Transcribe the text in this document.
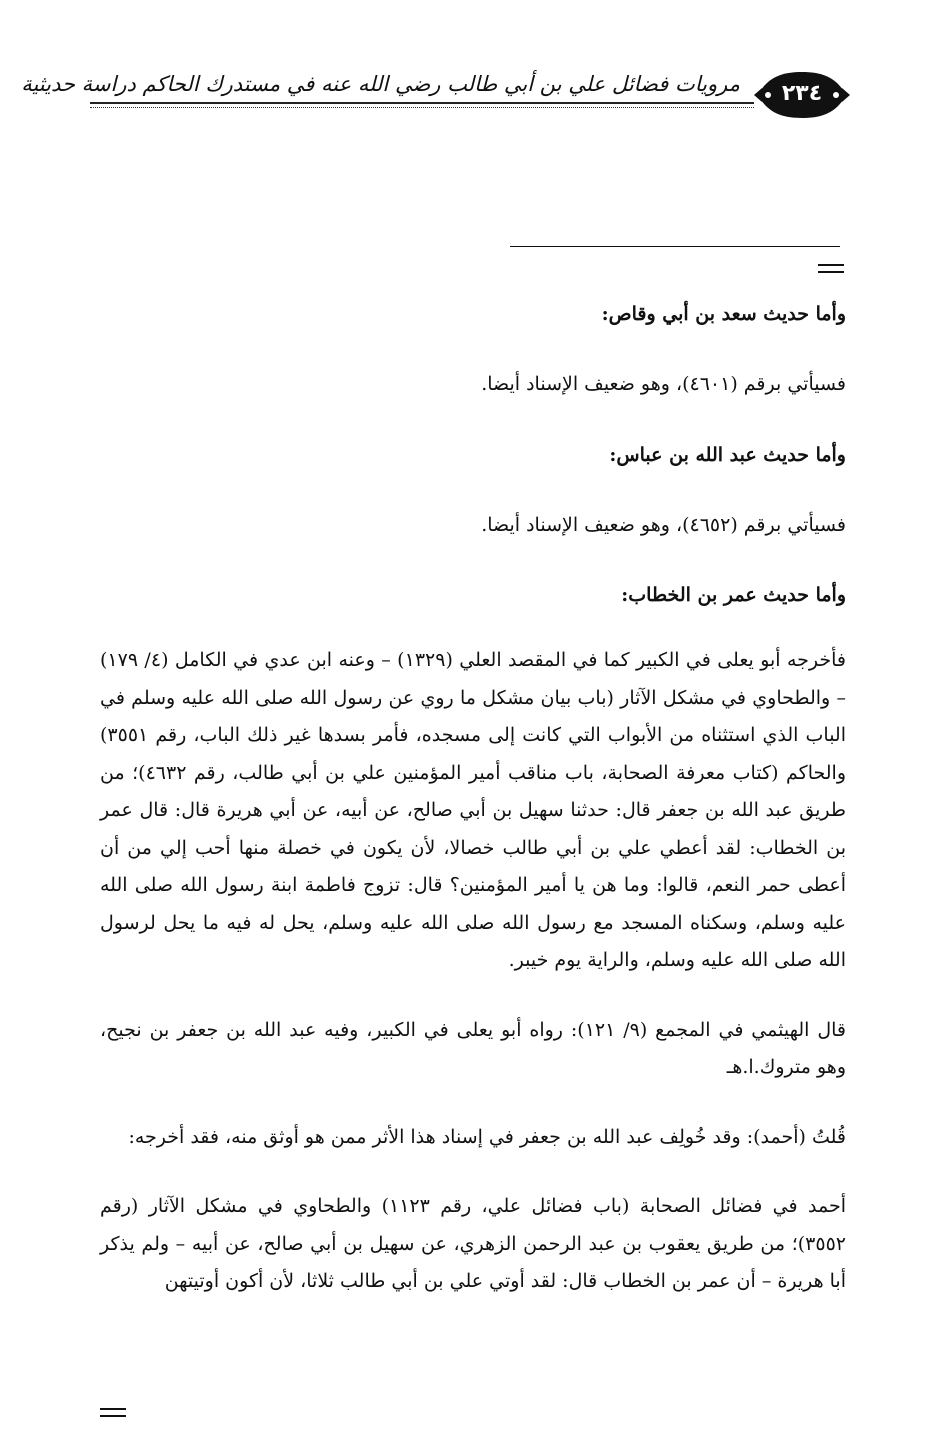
مرويات فضائل علي بن أبي طالب رضي الله عنه في مستدرك الحاكم دراسة حديثية	٢٣٤

وأما حديث سعد بن أبي وقاص:

فسيأتي برقم (٤٦٠١)، وهو ضعيف الإسناد أيضا.

وأما حديث عبد الله بن عباس:

فسيأتي برقم (٤٦٥٢)، وهو ضعيف الإسناد أيضا.

وأما حديث عمر بن الخطاب:

فأخرجه أبو يعلى في الكبير كما في المقصد العلي (١٣٢٩) – وعنه ابن عدي في الكامل (٤/ ١٧٩) – والطحاوي في مشكل الآثار (باب بيان مشكل ما روي عن رسول الله صلى الله عليه وسلم في الباب الذي استثناه من الأبواب التي كانت إلى مسجده، فأمر بسدها غير ذلك الباب، رقم ٣٥٥١) والحاكم (كتاب معرفة الصحابة، باب مناقب أمير المؤمنين علي بن أبي طالب، رقم ٤٦٣٢)؛ من طريق عبد الله بن جعفر قال: حدثنا سهيل بن أبي صالح، عن أبيه، عن أبي هريرة قال: قال عمر بن الخطاب: لقد أعطي علي بن أبي طالب خصالا، لأن يكون في خصلة منها أحب إلي من أن أعطى حمر النعم، قالوا: وما هن يا أمير المؤمنين؟ قال: تزوج فاطمة ابنة رسول الله صلى الله عليه وسلم، وسكناه المسجد مع رسول الله صلى الله عليه وسلم، يحل له فيه ما يحل لرسول الله صلى الله عليه وسلم، والراية يوم خيبر.

قال الهيثمي في المجمع (٩/ ١٢١): رواه أبو يعلى في الكبير، وفيه عبد الله بن جعفر بن نجيح، وهو متروك.ا.هـ

قُلتُ (أحمد): وقد خُولِف عبد الله بن جعفر في إسناد هذا الأثر ممن هو أوثق منه، فقد أخرجه:

أحمد في فضائل الصحابة (باب فضائل علي، رقم ١١٢٣) والطحاوي في مشكل الآثار (رقم ٣٥٥٢)؛ من طريق يعقوب بن عبد الرحمن الزهري، عن سهيل بن أبي صالح، عن أبيه – ولم يذكر أبا هريرة – أن عمر بن الخطاب قال: لقد أوتي علي بن أبي طالب ثلاثا، لأن أكون أوتيتهن
